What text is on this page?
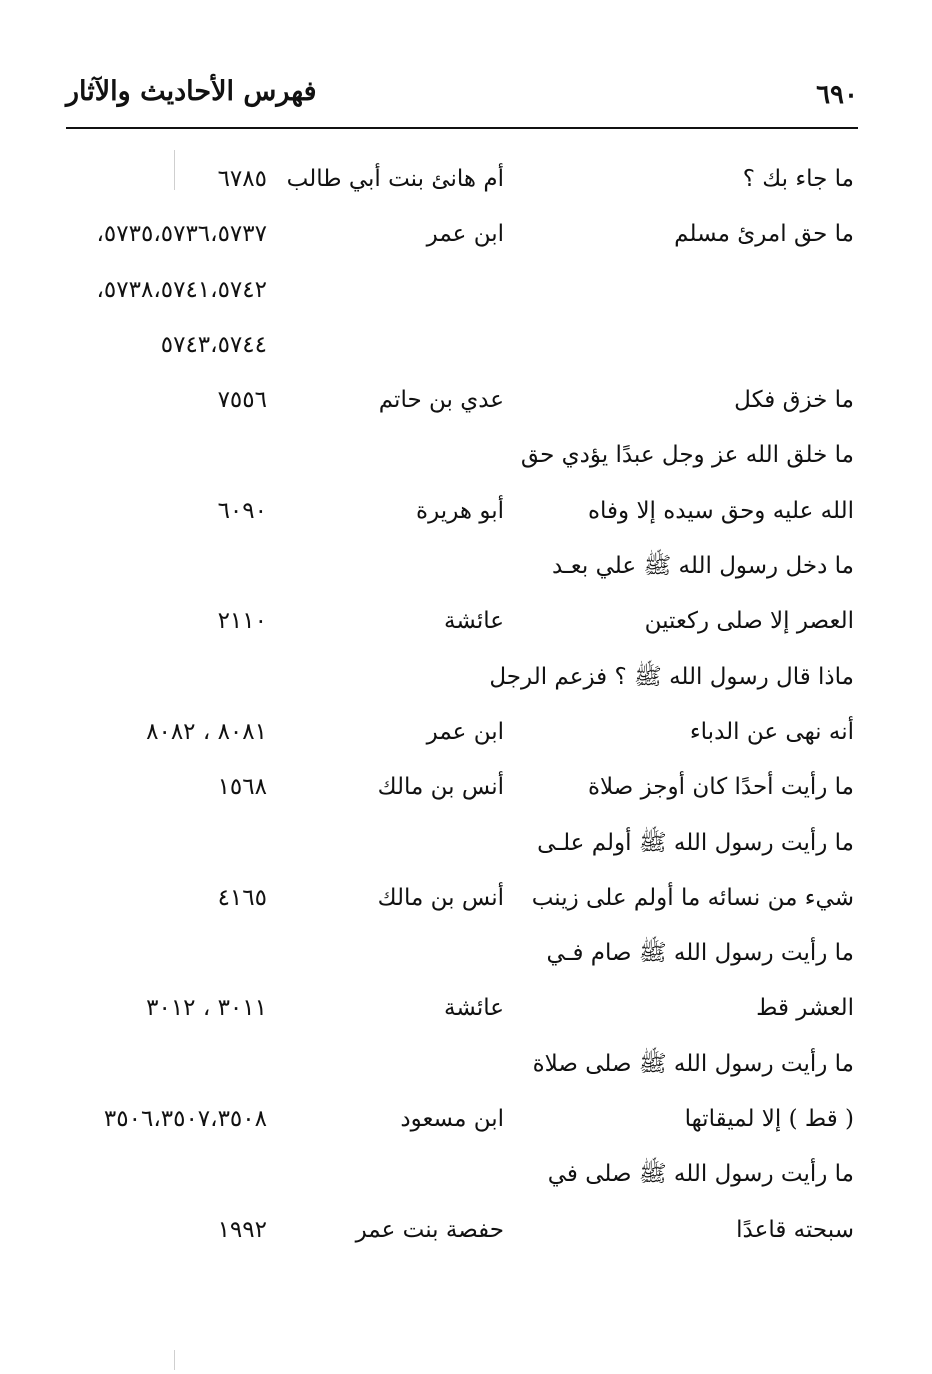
٦٩٠
فهرس الأحاديث والآثار
ما جاء بك ؟
أم هانئ بنت أبي طالب
٦٧٨٥
ما حق امرئ مسلم
ابن عمر
٥٧٣٥،٥٧٣٦،٥٧٣٧،
٥٧٣٨،٥٧٤١،٥٧٤٢،
٥٧٤٣،٥٧٤٤
ما خزق فكل
عدي بن حاتم
٧٥٥٦
ما خلق الله عز وجل عبدًا يؤدي حق
الله عليه وحق سيده إلا وفاه
أبو هريرة
٦٠٩٠
ما دخل رسول الله ﷺ علي بعـد
العصر إلا صلى ركعتين
عائشة
٢١١٠
ماذا قال رسول الله ﷺ ؟ فزعم الرجل
أنه نهى عن الدباء
ابن عمر
٨٠٨١ ، ٨٠٨٢
ما رأيت أحدًا كان أوجز صلاة
أنس بن مالك
١٥٦٨
ما رأيت رسول الله ﷺ أولم علـى
شيء من نسائه ما أولم على زينب
أنس بن مالك
٤١٦٥
ما رأيت رسول الله ﷺ صام فـي
العشر قط
عائشة
٣٠١١ ، ٣٠١٢
ما رأيت رسول الله ﷺ صلى صلاة
( قط ) إلا لميقاتها
ابن مسعود
٣٥٠٦،٣٥٠٧،٣٥٠٨
ما رأيت رسول الله ﷺ صلى في
سبحته قاعدًا
حفصة بنت عمر
١٩٩٢
